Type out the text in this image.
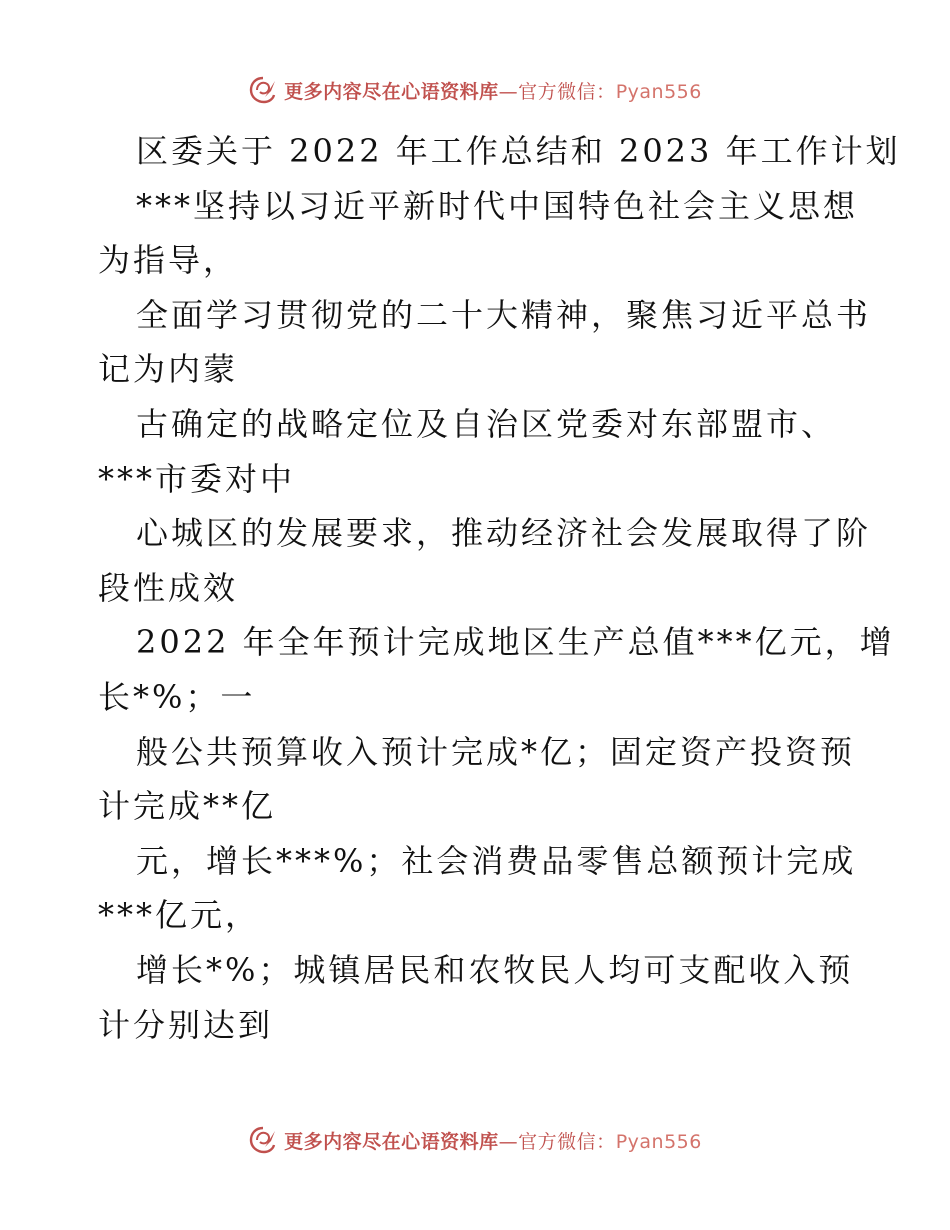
更多内容尽在心语资料库—官方微信：Pyan556
区委关于 2022 年工作总结和 2023 年工作计划
***坚持以习近平新时代中国特色社会主义思想
为指导，
全面学习贯彻党的二十大精神，聚焦习近平总书
记为内蒙
古确定的战略定位及自治区党委对东部盟市、
***市委对中
心城区的发展要求，推动经济社会发展取得了阶
段性成效
2022 年全年预计完成地区生产总值***亿元，增
长*%；一
般公共预算收入预计完成*亿；固定资产投资预
计完成**亿
元，增长***%；社会消费品零售总额预计完成
***亿元，
增长*%；城镇居民和农牧民人均可支配收入预
计分别达到
更多内容尽在心语资料库—官方微信：Pyan556
